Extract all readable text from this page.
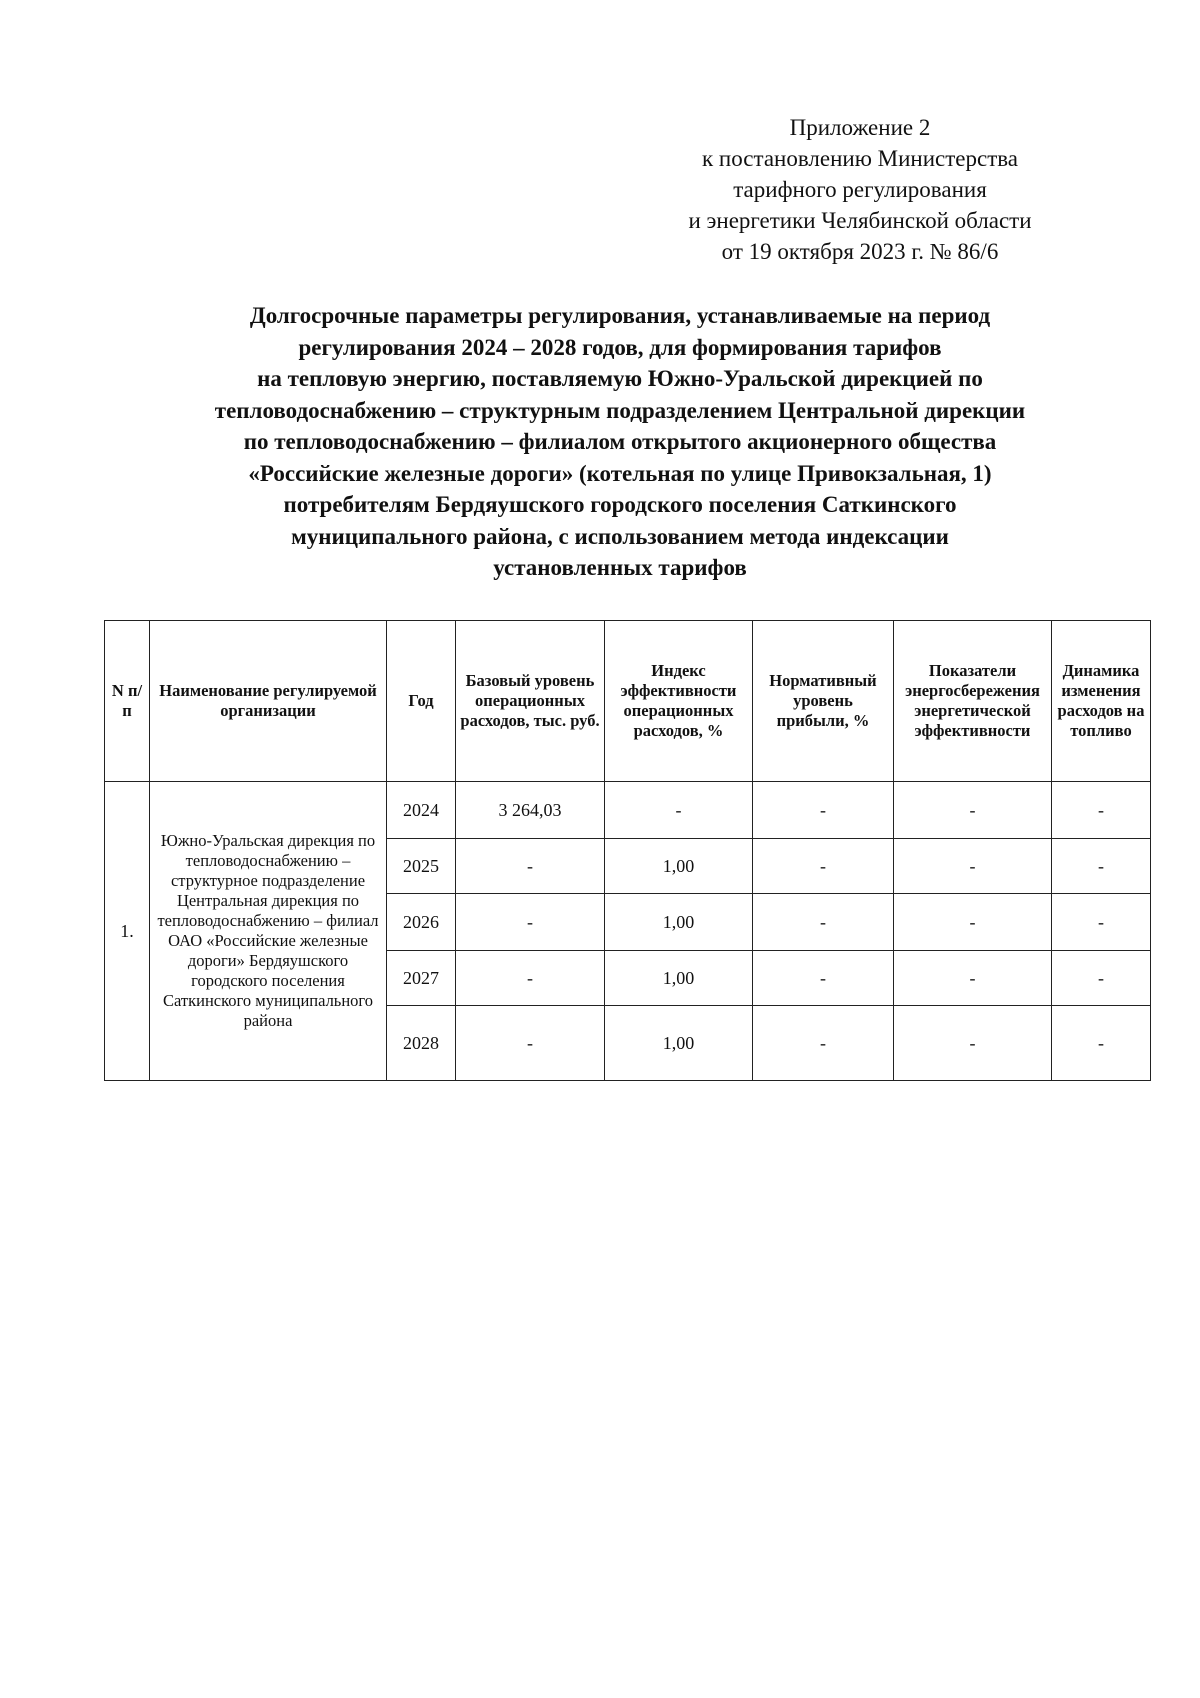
Приложение 2
к постановлению Министерства
тарифного регулирования
и энергетики Челябинской области
от 19 октября 2023 г. № 86/6
Долгосрочные параметры регулирования, устанавливаемые на период
регулирования 2024 – 2028 годов, для формирования тарифов
на тепловую энергию, поставляемую Южно-Уральской дирекцией по
тепловодоснабжению – структурным подразделением Центральной дирекции
по тепловодоснабжению – филиалом открытого акционерного общества
«Российские железные дороги» (котельная по улице Привокзальная, 1)
потребителям Бердяушского городского поселения Саткинского
муниципального района, с использованием метода индексации
установленных тарифов
N п/ п	Наименование регулируемой организации	Год	Базовый уровень операционных расходов, тыс. руб.	Индекс эффективности операционных расходов, %	Нормативный уровень прибыли, %	Показатели энергосбережения энергетической эффективности	Динамика изменения расходов на топливо
1.	Южно-Уральская дирекция по тепловодоснабжению – структурное подразделение Центральная дирекция по тепловодоснабжению – филиал ОАО «Российские железные дороги» Бердяушского городского поселения Саткинского муниципального района	2024	3 264,03	-	-	-	-
		2025	-	1,00	-	-	-
		2026	-	1,00	-	-	-
		2027	-	1,00	-	-	-
		2028	-	1,00	-	-	-
